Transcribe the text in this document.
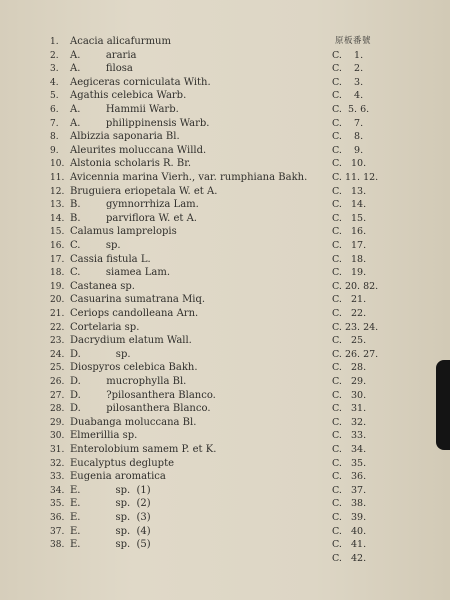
原板番號
1.	Acacia alicafurmum
2.	A.        araria	C.    1.
3.	A.        filosa	C.    2.
4.	Aegiceras corniculata With.	C.    3.
5.	Agathis celebica Warb.	C.    4.
6.	A.        Hammii Warb.	C.  5. 6.
7.	A.        philippinensis Warb.	C.    7.
8.	Albizzia saponaria Bl.	C.    8.
9.	Aleurites moluccana Willd.	C.    9.
10. Alstonia scholaris R. Br.	C.   10.
11. Avicennia marina Vierh., var. rumphiana Bakh.	C. 11. 12.
12. Bruguiera eriopetala W. et A.	C.   13.
13. B.        gymnorrhiza Lam.	C.   14.
14. B.        parviflora W. et A.	C.   15.
15. Calamus lamprelopis	C.   16.
16. C.        sp.	C.   17.
17. Cassia fistula L.	C.   18.
18. C.        siamea Lam.	C.   19.
19. Castanea sp.	C. 20. 82.
20. Casuarina sumatrana Miq.	C.   21.
21. Ceriops candolleana Arn.	C.   22.
22. Cortelaria sp.	C. 23. 24.
23. Dacrydium elatum Wall.	C.   25.
24. D.           sp.	C. 26. 27.
25. Diospyros celebica Bakh.	C.   28.
26. D.        mucrophylla Bl.	C.   29.
27. D.        ?pilosanthera Blanco.	C.   30.
28. D.        pilosanthera Blanco.	C.   31.
29. Duabanga moluccana Bl.	C.   32.
30. Elmerillia sp.	C.   33.
31. Enterolobium samem P. et K.	C.   34.
32. Eucalyptus deglupte	C.   35.
33. Eugenia aromatica	C.   36.
34. E.           sp.  (1)	C.   37.
35. E.           sp.  (2)	C.   38.
36. E.           sp.  (3)	C.   39.
37. E.           sp.  (4)	C.   40.
38. E.           sp.  (5)	C.   41.
C.   42.
